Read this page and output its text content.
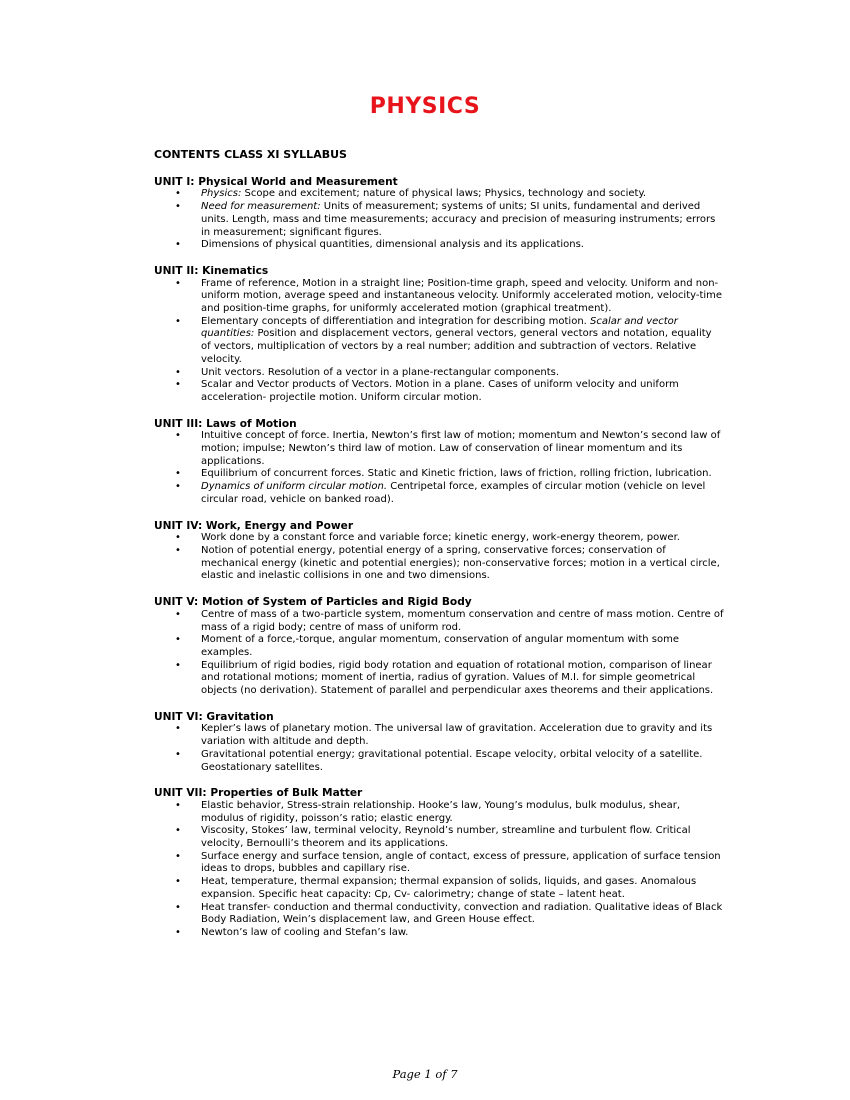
PHYSICS
CONTENTS CLASS XI SYLLABUS
UNIT I: Physical World and Measurement
• Physics: Scope and excitement; nature of physical laws; Physics, technology and society.
• Need for measurement: Units of measurement; systems of units; SI units, fundamental and derived units. Length, mass and time measurements; accuracy and precision of measuring instruments; errors in measurement; significant figures.
• Dimensions of physical quantities, dimensional analysis and its applications.
UNIT II: Kinematics
• Frame of reference, Motion in a straight line; Position-time graph, speed and velocity. Uniform and non-uniform motion, average speed and instantaneous velocity. Uniformly accelerated motion, velocity-time and position-time graphs, for uniformly accelerated motion (graphical treatment).
• Elementary concepts of differentiation and integration for describing motion. Scalar and vector quantities: Position and displacement vectors, general vectors, general vectors and notation, equality of vectors, multiplication of vectors by a real number; addition and subtraction of vectors. Relative velocity.
• Unit vectors. Resolution of a vector in a plane-rectangular components.
• Scalar and Vector products of Vectors. Motion in a plane. Cases of uniform velocity and uniform acceleration- projectile motion. Uniform circular motion.
UNIT III: Laws of Motion
• Intuitive concept of force. Inertia, Newton’s first law of motion; momentum and Newton’s second law of motion; impulse; Newton’s third law of motion. Law of conservation of linear momentum and its applications.
• Equilibrium of concurrent forces. Static and Kinetic friction, laws of friction, rolling friction, lubrication.
• Dynamics of uniform circular motion. Centripetal force, examples of circular motion (vehicle on level circular road, vehicle on banked road).
UNIT IV: Work, Energy and Power
• Work done by a constant force and variable force; kinetic energy, work-energy theorem, power.
• Notion of potential energy, potential energy of a spring, conservative forces; conservation of mechanical energy (kinetic and potential energies); non-conservative forces; motion in a vertical circle, elastic and inelastic collisions in one and two dimensions.
UNIT V: Motion of System of Particles and Rigid Body
• Centre of mass of a two-particle system, momentum conservation and centre of mass motion. Centre of mass of a rigid body; centre of mass of uniform rod.
• Moment of a force,-torque, angular momentum, conservation of angular momentum with some examples.
• Equilibrium of rigid bodies, rigid body rotation and equation of rotational motion, comparison of linear and rotational motions; moment of inertia, radius of gyration. Values of M.I. for simple geometrical objects (no derivation). Statement of parallel and perpendicular axes theorems and their applications.
UNIT VI: Gravitation
• Kepler’s laws of planetary motion. The universal law of gravitation. Acceleration due to gravity and its variation with altitude and depth.
• Gravitational potential energy; gravitational potential. Escape velocity, orbital velocity of a satellite. Geostationary satellites.
UNIT VII: Properties of Bulk Matter
• Elastic behavior, Stress-strain relationship. Hooke’s law, Young’s modulus, bulk modulus, shear, modulus of rigidity, poisson’s ratio; elastic energy.
• Viscosity, Stokes’ law, terminal velocity, Reynold’s number, streamline and turbulent flow. Critical velocity, Bernoulli’s theorem and its applications.
• Surface energy and surface tension, angle of contact, excess of pressure, application of surface tension ideas to drops, bubbles and capillary rise.
• Heat, temperature, thermal expansion; thermal expansion of solids, liquids, and gases. Anomalous expansion. Specific heat capacity: Cp, Cv- calorimetry; change of state – latent heat.
• Heat transfer- conduction and thermal conductivity, convection and radiation. Qualitative ideas of Black Body Radiation, Wein’s displacement law, and Green House effect.
• Newton’s law of cooling and Stefan’s law.
Page 1 of 7
